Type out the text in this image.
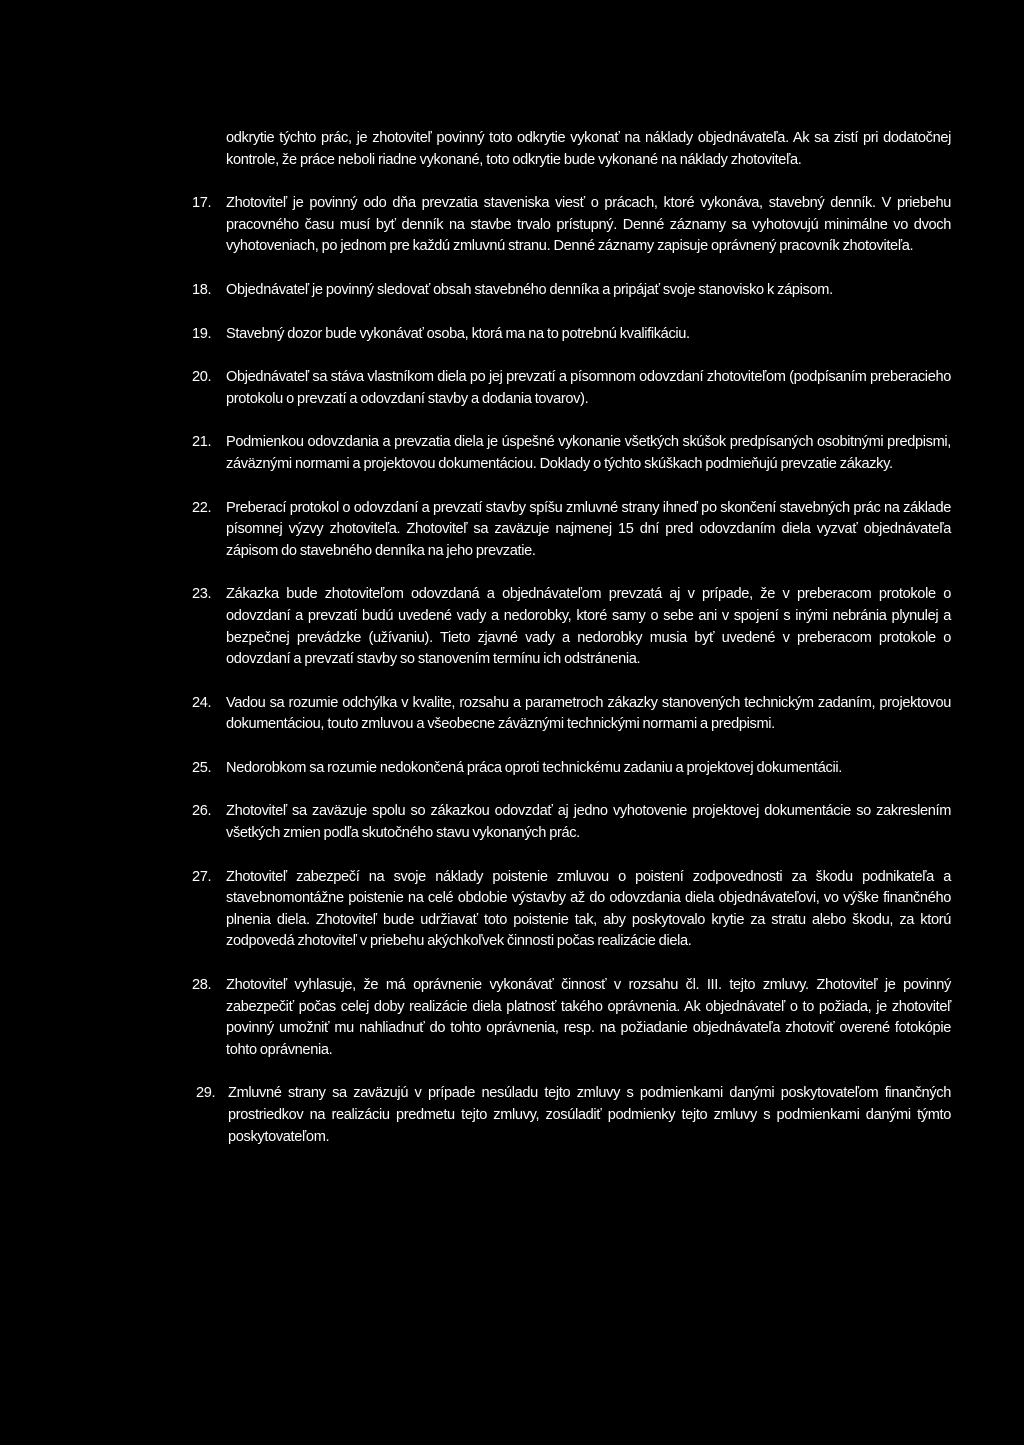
odkrytie týchto prác, je zhotoviteľ povinný toto odkrytie vykonať na náklady objednávateľa. Ak sa zistí pri dodatočnej kontrole, že práce neboli riadne vykonané, toto odkrytie bude vykonané na náklady zhotoviteľa.

17.	Zhotoviteľ je povinný odo dňa prevzatia staveniska viesť o prácach, ktoré vykonáva, stavebný denník. V priebehu pracovného času musí byť denník na stavbe trvalo prístupný. Denné záznamy sa vyhotovujú minimálne vo dvoch vyhotoveniach, po jednom pre každú zmluvnú stranu. Denné záznamy zapisuje oprávnený pracovník zhotoviteľa.

18.	Objednávateľ je povinný sledovať obsah stavebného denníka a pripájať svoje stanovisko k zápisom.

19.	Stavebný dozor bude vykonávať osoba, ktorá ma na to potrebnú kvalifikáciu.

20.	Objednávateľ sa stáva vlastníkom diela po jej prevzatí a písomnom odovzdaní zhotoviteľom (podpísaním preberacieho protokolu o prevzatí a odovzdaní stavby a dodania tovarov).

21.	Podmienkou odovzdania a prevzatia diela je úspešné vykonanie všetkých skúšok predpísaných osobitnými predpismi, záväznými normami a projektovou dokumentáciou. Doklady o týchto skúškach podmieňujú prevzatie zákazky.

22.	Preberací protokol o odovzdaní a prevzatí stavby spíšu zmluvné strany ihneď po skončení stavebných prác na základe písomnej výzvy zhotoviteľa. Zhotoviteľ sa zaväzuje najmenej 15 dní pred odovzdaním diela vyzvať objednávateľa zápisom do stavebného denníka na jeho prevzatie.

23.	Zákazka bude zhotoviteľom odovzdaná a objednávateľom prevzatá aj v prípade, že v preberacom protokole o odovzdaní a prevzatí budú uvedené vady a nedorobky, ktoré samy o sebe ani v spojení s inými nebránia plynulej a bezpečnej prevádzke (užívaniu). Tieto zjavné vady a nedorobky musia byť uvedené v preberacom protokole o odovzdaní a prevzatí stavby so stanovením termínu ich odstránenia.

24.	Vadou sa rozumie odchýlka v kvalite, rozsahu a parametroch zákazky stanovených technickým zadaním, projektovou dokumentáciou, touto zmluvou a všeobecne záväznými technickými normami a predpismi.

25.	Nedorobkom sa rozumie nedokončená práca oproti technickému zadaniu a projektovej dokumentácii.

26.	Zhotoviteľ sa zaväzuje spolu so zákazkou odovzdať aj jedno vyhotovenie projektovej dokumentácie so zakreslením všetkých zmien podľa skutočného stavu vykonaných prác.

27.	Zhotoviteľ zabezpečí na svoje náklady poistenie zmluvou o poistení zodpovednosti za škodu podnikateľa a stavebnomontážne poistenie na celé obdobie výstavby až do odovzdania diela objednávateľovi, vo výške finančného plnenia diela. Zhotoviteľ bude udržiavať toto poistenie tak, aby poskytovalo krytie za stratu alebo škodu, za ktorú zodpovedá zhotoviteľ v priebehu akýchkoľvek činnosti počas realizácie diela.

28.	Zhotoviteľ vyhlasuje, že má oprávnenie vykonávať činnosť v rozsahu čl. III. tejto zmluvy. Zhotoviteľ je povinný zabezpečiť počas celej doby realizácie diela platnosť takého oprávnenia. Ak objednávateľ o to požiada, je zhotoviteľ povinný umožniť mu nahliadnuť do tohto oprávnenia, resp. na požiadanie objednávateľa zhotoviť overené fotokópie tohto oprávnenia.

29. Zmluvné strany sa zaväzujú v prípade nesúladu tejto zmluvy s podmienkami danými poskytovateľom finančných prostriedkov na realizáciu predmetu tejto zmluvy, zosúladiť podmienky tejto zmluvy s podmienkami danými týmto poskytovateľom.
